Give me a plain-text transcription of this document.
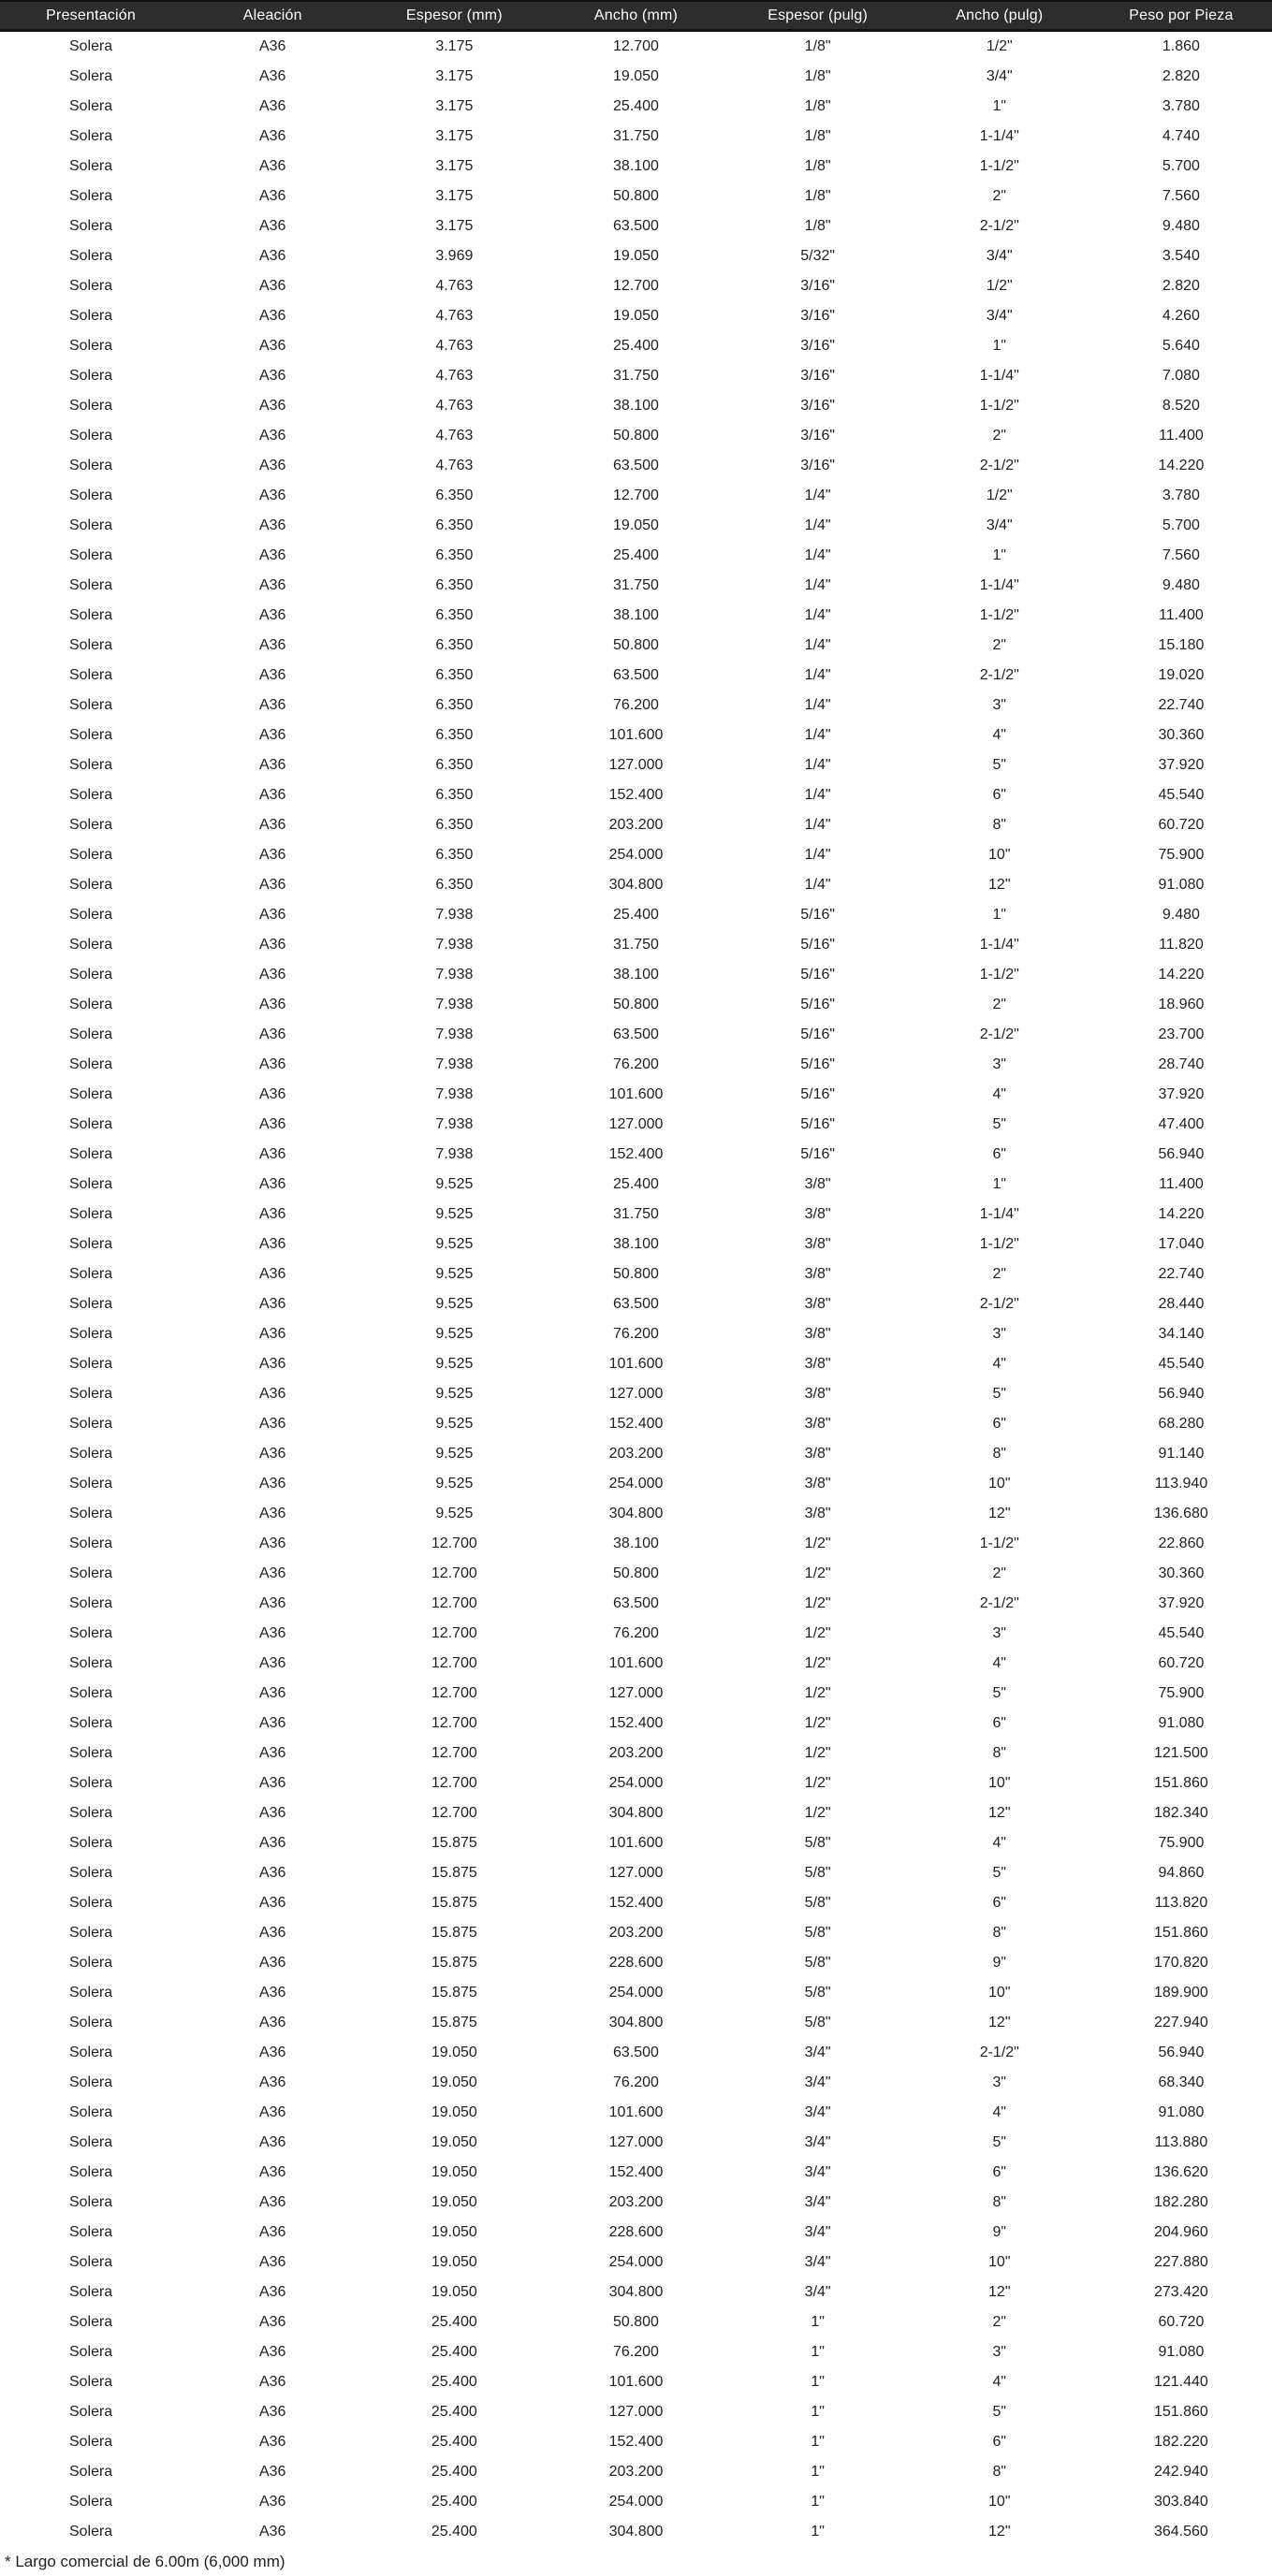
Presentación	Aleación	Espesor (mm)	Ancho (mm)	Espesor (pulg)	Ancho (pulg)	Peso por Pieza
Solera	A36	3.175	12.700	1/8"	1/2"	1.860
Solera	A36	3.175	19.050	1/8"	3/4"	2.820
Solera	A36	3.175	25.400	1/8"	1"	3.780
Solera	A36	3.175	31.750	1/8"	1-1/4"	4.740
Solera	A36	3.175	38.100	1/8"	1-1/2"	5.700
Solera	A36	3.175	50.800	1/8"	2"	7.560
Solera	A36	3.175	63.500	1/8"	2-1/2"	9.480
Solera	A36	3.969	19.050	5/32"	3/4"	3.540
Solera	A36	4.763	12.700	3/16"	1/2"	2.820
Solera	A36	4.763	19.050	3/16"	3/4"	4.260
Solera	A36	4.763	25.400	3/16"	1"	5.640
Solera	A36	4.763	31.750	3/16"	1-1/4"	7.080
Solera	A36	4.763	38.100	3/16"	1-1/2"	8.520
Solera	A36	4.763	50.800	3/16"	2"	11.400
Solera	A36	4.763	63.500	3/16"	2-1/2"	14.220
Solera	A36	6.350	12.700	1/4"	1/2"	3.780
Solera	A36	6.350	19.050	1/4"	3/4"	5.700
Solera	A36	6.350	25.400	1/4"	1"	7.560
Solera	A36	6.350	31.750	1/4"	1-1/4"	9.480
Solera	A36	6.350	38.100	1/4"	1-1/2"	11.400
Solera	A36	6.350	50.800	1/4"	2"	15.180
Solera	A36	6.350	63.500	1/4"	2-1/2"	19.020
Solera	A36	6.350	76.200	1/4"	3"	22.740
Solera	A36	6.350	101.600	1/4"	4"	30.360
Solera	A36	6.350	127.000	1/4"	5"	37.920
Solera	A36	6.350	152.400	1/4"	6"	45.540
Solera	A36	6.350	203.200	1/4"	8"	60.720
Solera	A36	6.350	254.000	1/4"	10"	75.900
Solera	A36	6.350	304.800	1/4"	12"	91.080
Solera	A36	7.938	25.400	5/16"	1"	9.480
Solera	A36	7.938	31.750	5/16"	1-1/4"	11.820
Solera	A36	7.938	38.100	5/16"	1-1/2"	14.220
Solera	A36	7.938	50.800	5/16"	2"	18.960
Solera	A36	7.938	63.500	5/16"	2-1/2"	23.700
Solera	A36	7.938	76.200	5/16"	3"	28.740
Solera	A36	7.938	101.600	5/16"	4"	37.920
Solera	A36	7.938	127.000	5/16"	5"	47.400
Solera	A36	7.938	152.400	5/16"	6"	56.940
Solera	A36	9.525	25.400	3/8"	1"	11.400
Solera	A36	9.525	31.750	3/8"	1-1/4"	14.220
Solera	A36	9.525	38.100	3/8"	1-1/2"	17.040
Solera	A36	9.525	50.800	3/8"	2"	22.740
Solera	A36	9.525	63.500	3/8"	2-1/2"	28.440
Solera	A36	9.525	76.200	3/8"	3"	34.140
Solera	A36	9.525	101.600	3/8"	4"	45.540
Solera	A36	9.525	127.000	3/8"	5"	56.940
Solera	A36	9.525	152.400	3/8"	6"	68.280
Solera	A36	9.525	203.200	3/8"	8"	91.140
Solera	A36	9.525	254.000	3/8"	10"	113.940
Solera	A36	9.525	304.800	3/8"	12"	136.680
Solera	A36	12.700	38.100	1/2"	1-1/2"	22.860
Solera	A36	12.700	50.800	1/2"	2"	30.360
Solera	A36	12.700	63.500	1/2"	2-1/2"	37.920
Solera	A36	12.700	76.200	1/2"	3"	45.540
Solera	A36	12.700	101.600	1/2"	4"	60.720
Solera	A36	12.700	127.000	1/2"	5"	75.900
Solera	A36	12.700	152.400	1/2"	6"	91.080
Solera	A36	12.700	203.200	1/2"	8"	121.500
Solera	A36	12.700	254.000	1/2"	10"	151.860
Solera	A36	12.700	304.800	1/2"	12"	182.340
Solera	A36	15.875	101.600	5/8"	4"	75.900
Solera	A36	15.875	127.000	5/8"	5"	94.860
Solera	A36	15.875	152.400	5/8"	6"	113.820
Solera	A36	15.875	203.200	5/8"	8"	151.860
Solera	A36	15.875	228.600	5/8"	9"	170.820
Solera	A36	15.875	254.000	5/8"	10"	189.900
Solera	A36	15.875	304.800	5/8"	12"	227.940
Solera	A36	19.050	63.500	3/4"	2-1/2"	56.940
Solera	A36	19.050	76.200	3/4"	3"	68.340
Solera	A36	19.050	101.600	3/4"	4"	91.080
Solera	A36	19.050	127.000	3/4"	5"	113.880
Solera	A36	19.050	152.400	3/4"	6"	136.620
Solera	A36	19.050	203.200	3/4"	8"	182.280
Solera	A36	19.050	228.600	3/4"	9"	204.960
Solera	A36	19.050	254.000	3/4"	10"	227.880
Solera	A36	19.050	304.800	3/4"	12"	273.420
Solera	A36	25.400	50.800	1"	2"	60.720
Solera	A36	25.400	76.200	1"	3"	91.080
Solera	A36	25.400	101.600	1"	4"	121.440
Solera	A36	25.400	127.000	1"	5"	151.860
Solera	A36	25.400	152.400	1"	6"	182.220
Solera	A36	25.400	203.200	1"	8"	242.940
Solera	A36	25.400	254.000	1"	10"	303.840
Solera	A36	25.400	304.800	1"	12"	364.560
* Largo comercial de 6.00m (6,000 mm)
